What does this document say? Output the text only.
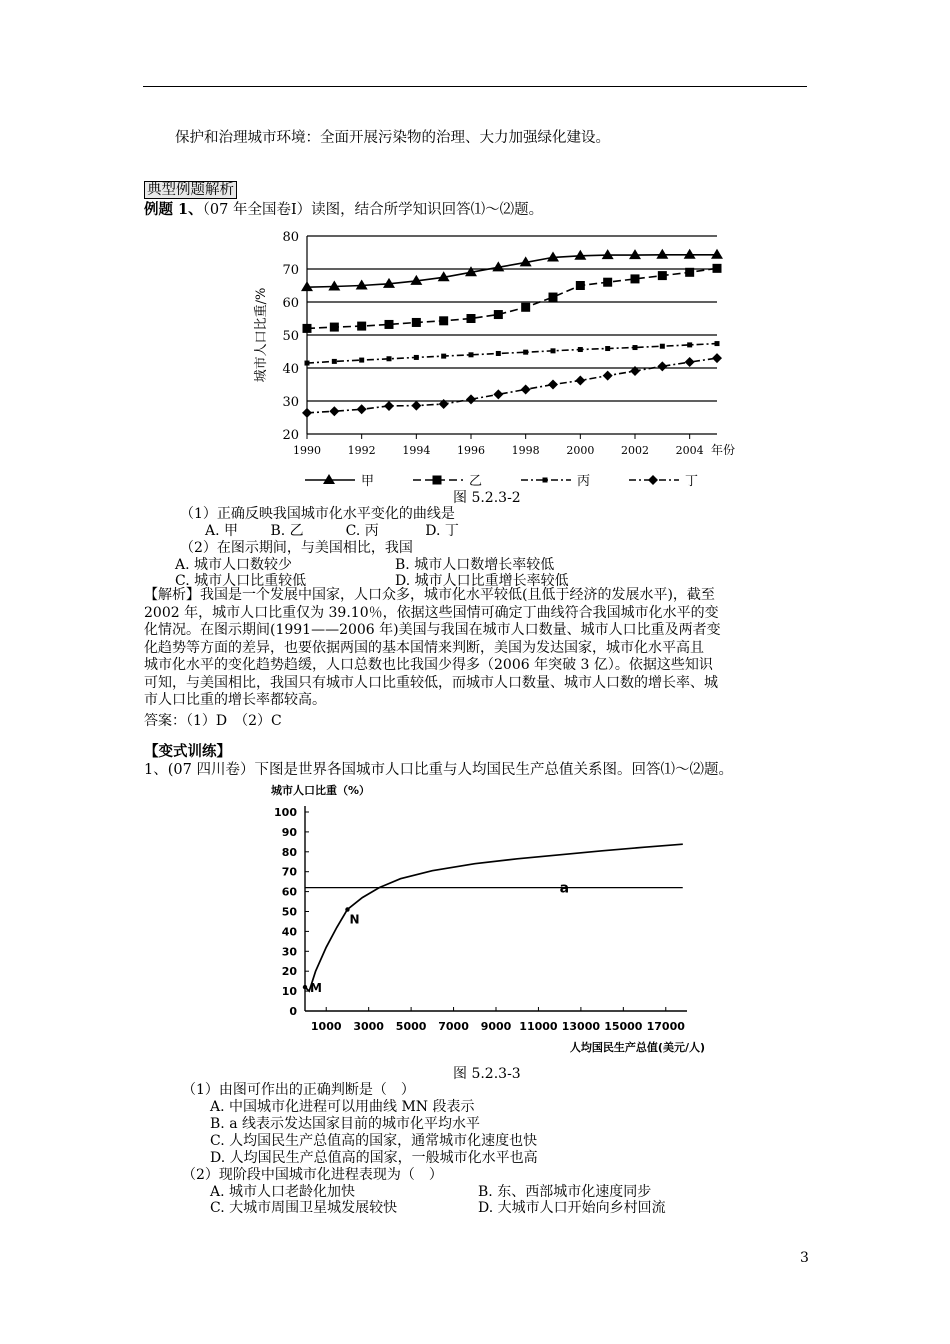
保护和治理城市环境：全面开展污染物的治理、大力加强绿化建设。
典型例题解析
例题 1、（07 年全国卷Ⅰ）读图，结合所学知识回答⑴～⑵题。
20
30
40
50
60
70
80
1990 1992 1994 1996 1998 2000 2002 2004 年份
城市人口比重/%
甲	乙	丙	丁
图 5.2.3-2
（1）正确反映我国城市化水平变化的曲线是
A. 甲　　 B. 乙　　　C. 丙　　　 D. 丁
（2）在图示期间，与美国相比，我国
A. 城市人口数较少	B. 城市人口数增长率较低
C. 城市人口比重较低	D. 城市人口比重增长率较低
【解析】我国是一个发展中国家，人口众多，城市化水平较低(且低于经济的发展水平)，截至
2002 年，城市人口比重仅为 39.10％，依据这些国情可确定丁曲线符合我国城市化水平的变
化情况。在图示期间(1991——2006 年)美国与我国在城市人口数量、城市人口比重及两者变
化趋势等方面的差异，也要依据两国的基本国情来判断，美国为发达国家，城市化水平高且
城市化水平的变化趋势趋缓，人口总数也比我国少得多（2006 年突破 3 亿）。依据这些知识
可知，与美国相比，我国只有城市人口比重较低，而城市人口数量、城市人口数的增长率、城
市人口比重的增长率都较高。
答案：（1）D　（2）C
【变式训练】
1、(07 四川卷）下图是世界各国城市人口比重与人均国民生产总值关系图。回答⑴～⑵题。
城市人口比重（%）
0
10
20
30
40
50
60
70
80
90
100
1000 3000 5000 7000 9000 11000 13000 15000 17000
人均国民生产总值(美元/人)
a
M
N
图 5.2.3-3
（1）由图可作出的正确判断是（　）
A. 中国城市化进程可以用曲线 MN 段表示
B. a 线表示发达国家目前的城市化平均水平
C. 人均国民生产总值高的国家，通常城市化速度也快
D. 人均国民生产总值高的国家，一般城市化水平也高
（2）现阶段中国城市化进程表现为（　）
A. 城市人口老龄化加快	B. 东、西部城市化速度同步
C. 大城市周围卫星城发展较快	D. 大城市人口开始向乡村回流
3
